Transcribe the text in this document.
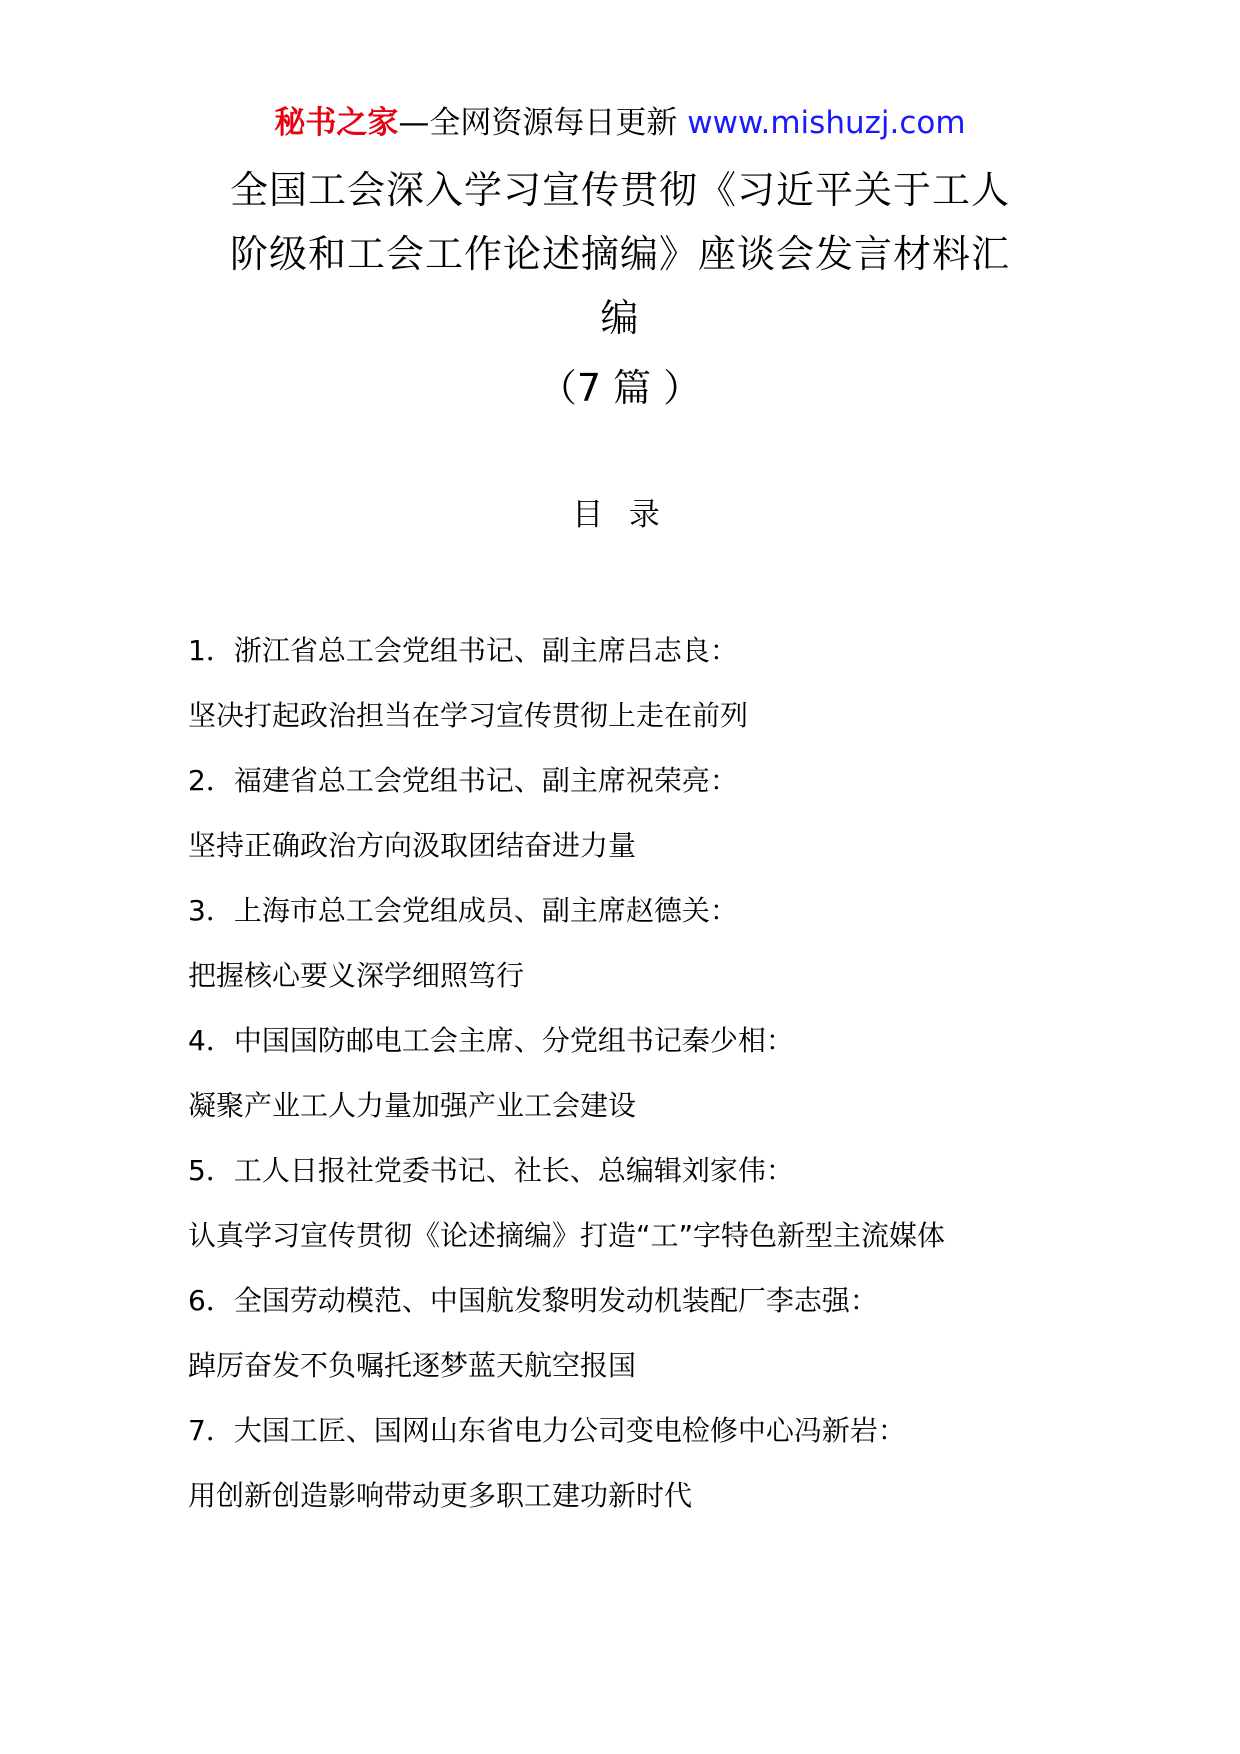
秘书之家—全网资源每日更新 www.mishuzj.com
全国工会深入学习宣传贯彻《习近平关于工人
阶级和工会工作论述摘编》座谈会发言材料汇
编
（7 篇 ）
目 录
1．浙江省总工会党组书记、副主席吕志良：
坚决打起政治担当在学习宣传贯彻上走在前列
2．福建省总工会党组书记、副主席祝荣亮：
坚持正确政治方向汲取团结奋进力量
3．上海市总工会党组成员、副主席赵德关：
把握核心要义深学细照笃行
4．中国国防邮电工会主席、分党组书记秦少相：
凝聚产业工人力量加强产业工会建设
5．工人日报社党委书记、社长、总编辑刘家伟：
认真学习宣传贯彻《论述摘编》打造“工”字特色新型主流媒体
6．全国劳动模范、中国航发黎明发动机装配厂李志强：
踔厉奋发不负嘱托逐梦蓝天航空报国
7．大国工匠、国网山东省电力公司变电检修中心冯新岩：
用创新创造影响带动更多职工建功新时代
